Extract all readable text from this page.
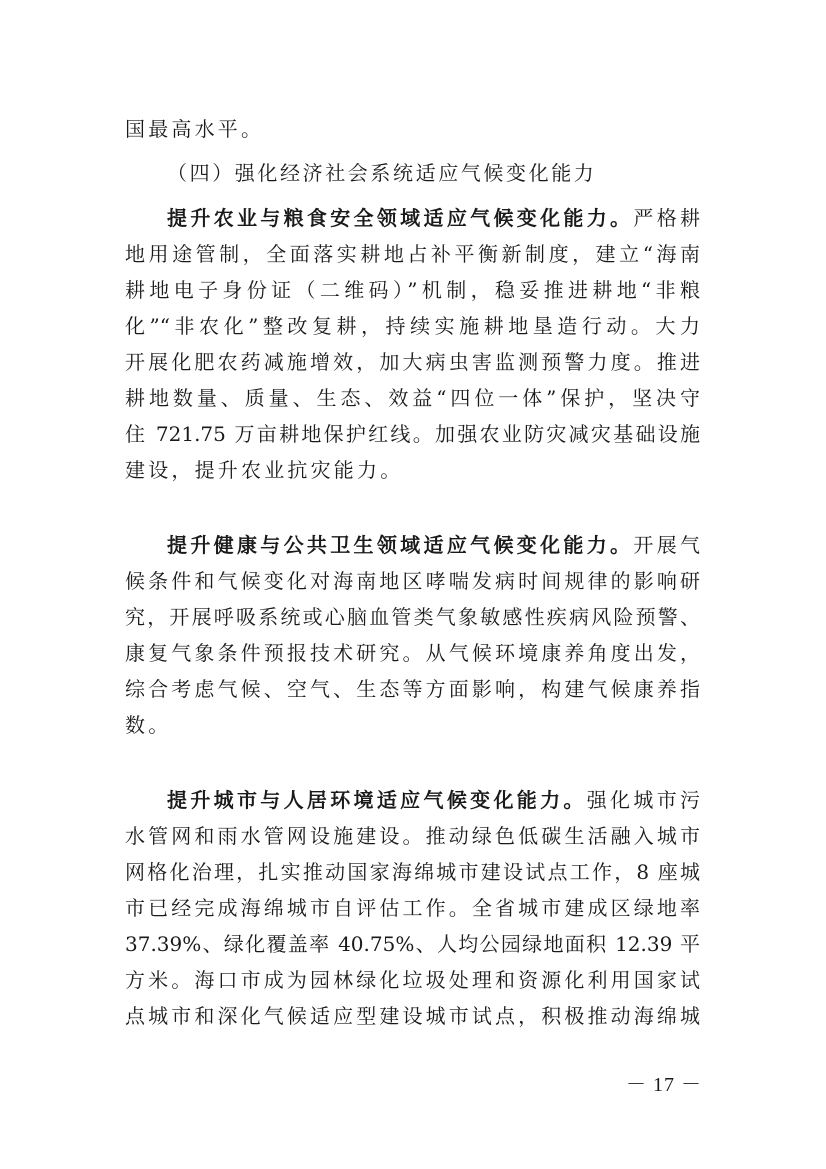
国最高水平。
（四）强化经济社会系统适应气候变化能力
提升农业与粮食安全领域适应气候变化能力。严格耕
地用途管制，全面落实耕地占补平衡新制度，建立“海南
耕地电子身份证（二维码）”机制，稳妥推进耕地“非粮
化”“非农化”整改复耕，持续实施耕地垦造行动。大力
开展化肥农药减施增效，加大病虫害监测预警力度。推进
耕地数量、质量、生态、效益“四位一体”保护，坚决守
住 721.75 万亩耕地保护红线。加强农业防灾减灾基础设施
建设，提升农业抗灾能力。
提升健康与公共卫生领域适应气候变化能力。开展气
候条件和气候变化对海南地区哮喘发病时间规律的影响研
究，开展呼吸系统或心脑血管类气象敏感性疾病风险预警、
康复气象条件预报技术研究。从气候环境康养角度出发，
综合考虑气候、空气、生态等方面影响，构建气候康养指
数。
提升城市与人居环境适应气候变化能力。强化城市污
水管网和雨水管网设施建设。推动绿色低碳生活融入城市
网格化治理，扎实推动国家海绵城市建设试点工作，8 座城
市已经完成海绵城市自评估工作。全省城市建成区绿地率
37.39%、绿化覆盖率 40.75%、人均公园绿地面积 12.39 平
方米。海口市成为园林绿化垃圾处理和资源化利用国家试
点城市和深化气候适应型建设城市试点，积极推动海绵城
－ 17 －
